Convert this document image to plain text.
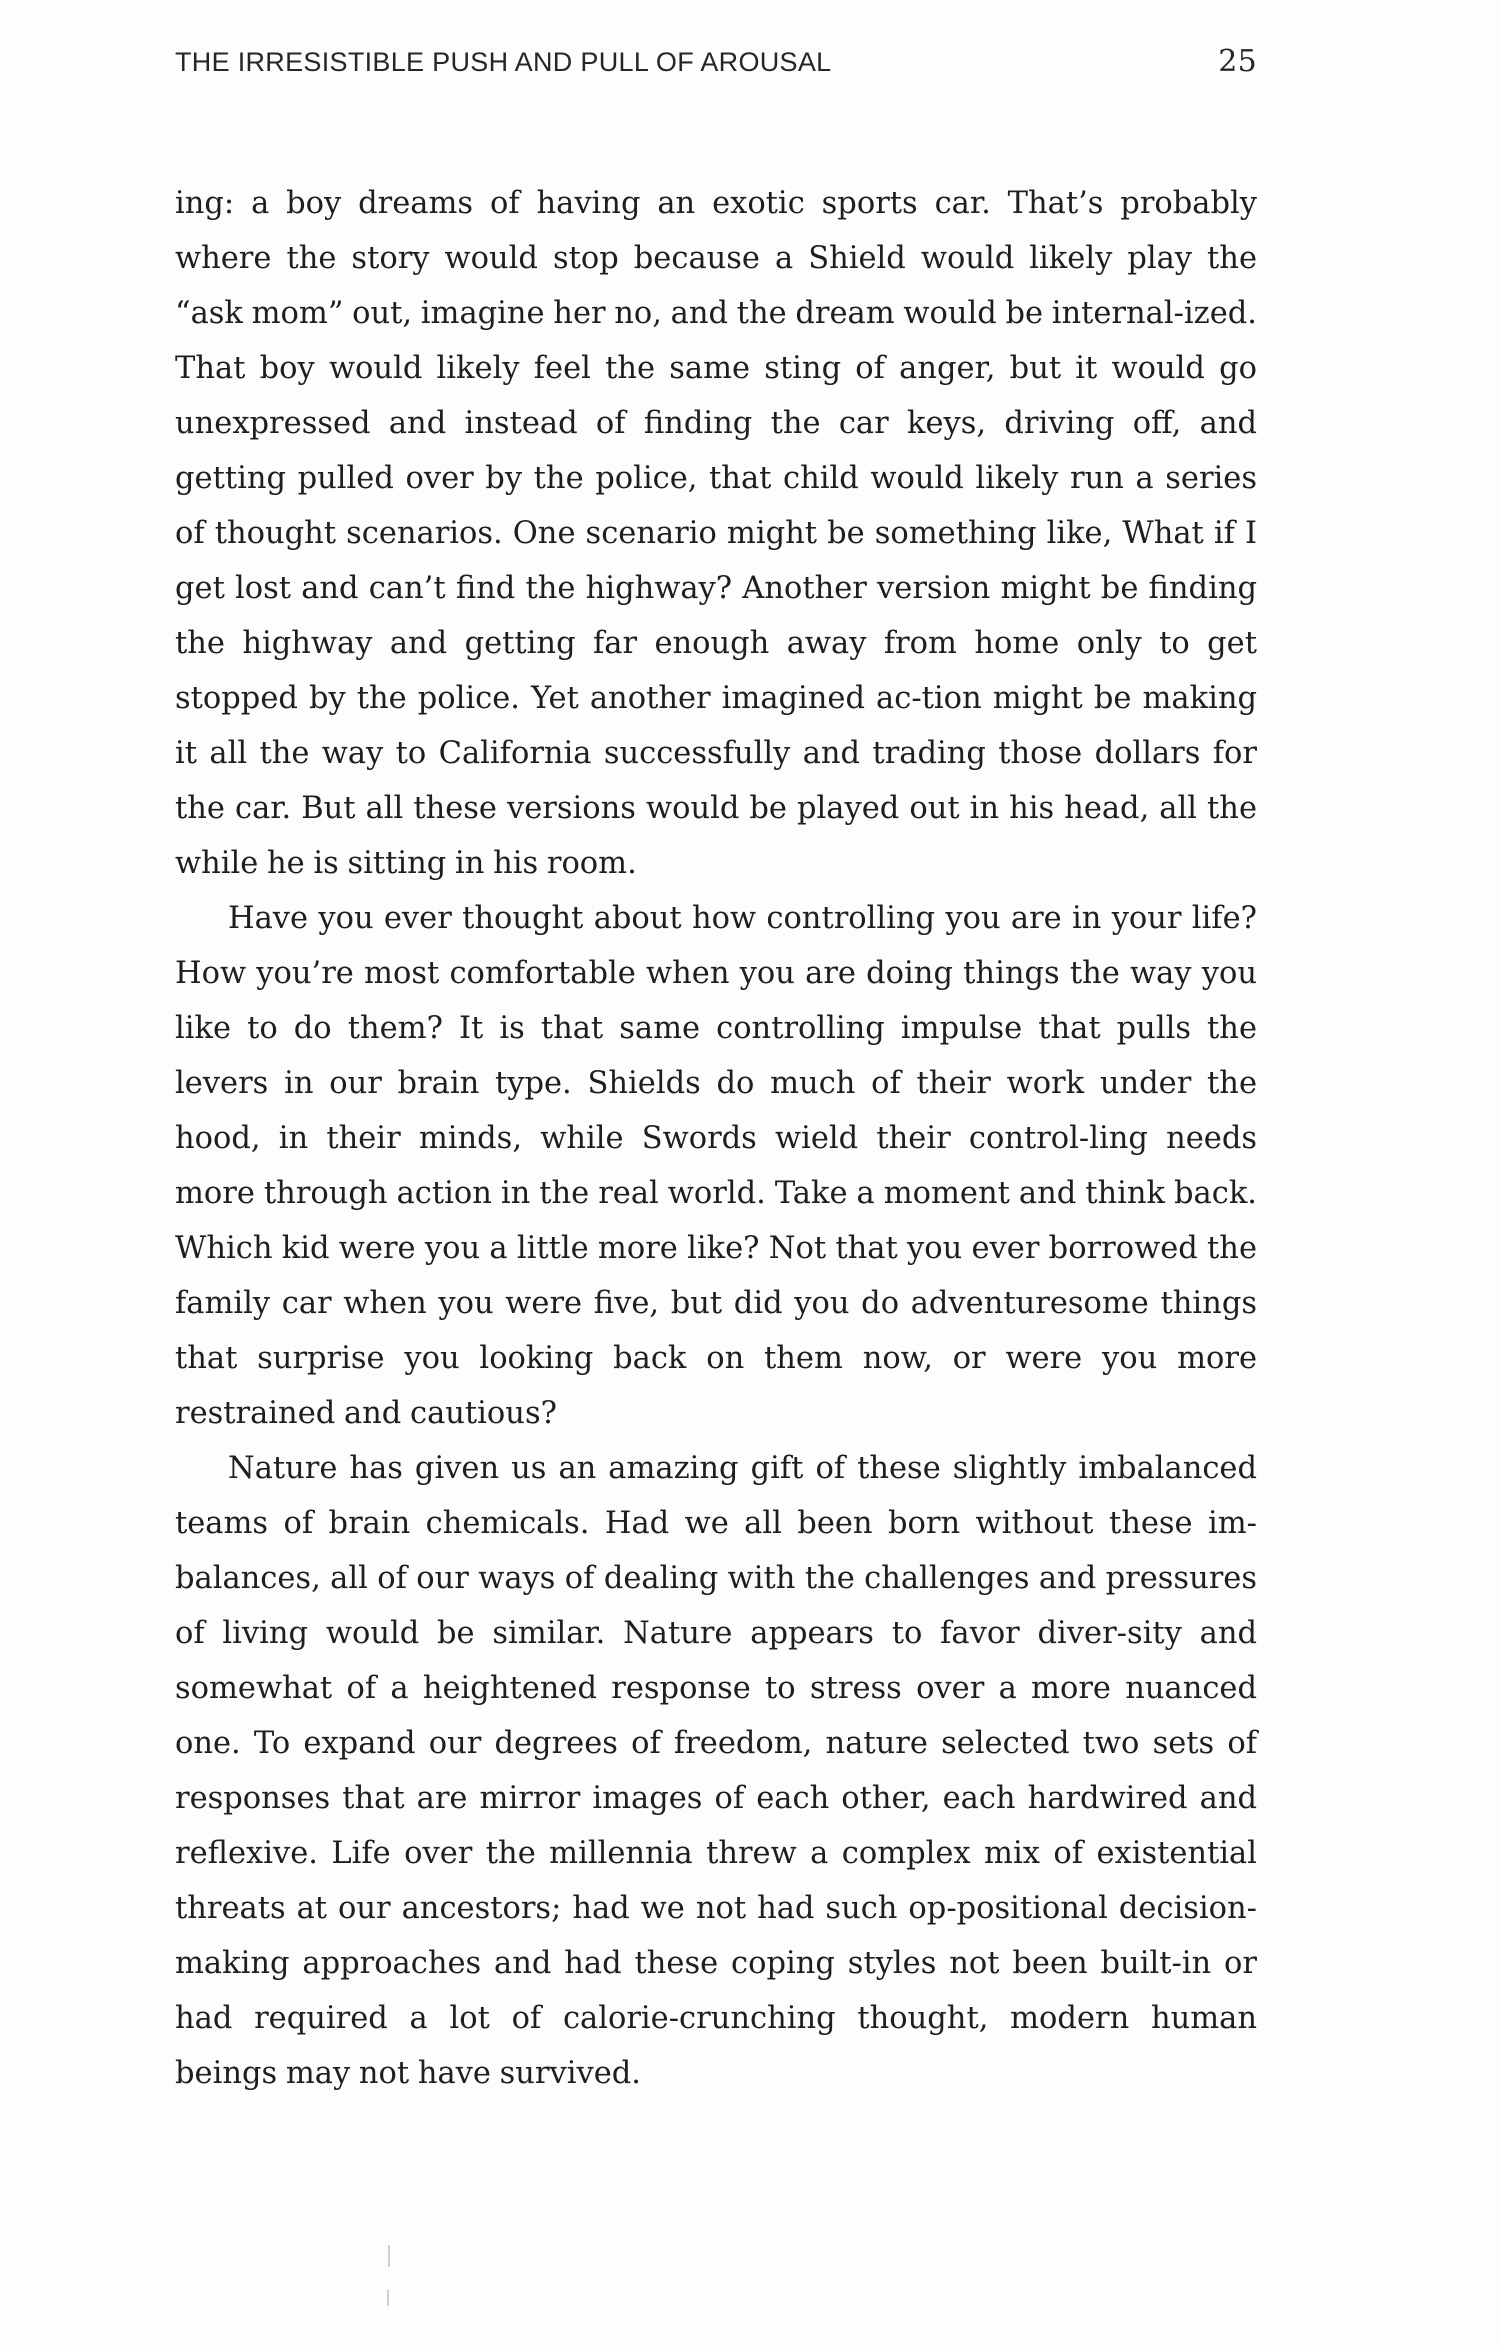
THE IRRESISTIBLE PUSH AND PULL OF AROUSAL	25

ing: a boy dreams of having an exotic sports car. That’s probably where the story would stop because a Shield would likely play the “ask mom” out, imagine her no, and the dream would be internal-ized. That boy would likely feel the same sting of anger, but it would go unexpressed and instead of finding the car keys, driving off, and getting pulled over by the police, that child would likely run a series of thought scenarios. One scenario might be something like, What if I get lost and can’t find the highway? Another version might be finding the highway and getting far enough away from home only to get stopped by the police. Yet another imagined ac-tion might be making it all the way to California successfully and trading those dollars for the car. But all these versions would be played out in his head, all the while he is sitting in his room.

Have you ever thought about how controlling you are in your life? How you’re most comfortable when you are doing things the way you like to do them? It is that same controlling impulse that pulls the levers in our brain type. Shields do much of their work under the hood, in their minds, while Swords wield their control-ling needs more through action in the real world. Take a moment and think back. Which kid were you a little more like? Not that you ever borrowed the family car when you were five, but did you do adventuresome things that surprise you looking back on them now, or were you more restrained and cautious?

Nature has given us an amazing gift of these slightly imbalanced teams of brain chemicals. Had we all been born without these im-balances, all of our ways of dealing with the challenges and pressures of living would be similar. Nature appears to favor diver-sity and somewhat of a heightened response to stress over a more nuanced one. To expand our degrees of freedom, nature selected two sets of responses that are mirror images of each other, each hardwired and reflexive. Life over the millennia threw a complex mix of existential threats at our ancestors; had we not had such op-positional decision-making approaches and had these coping styles not been built-in or had required a lot of calorie-crunching thought, modern human beings may not have survived.
